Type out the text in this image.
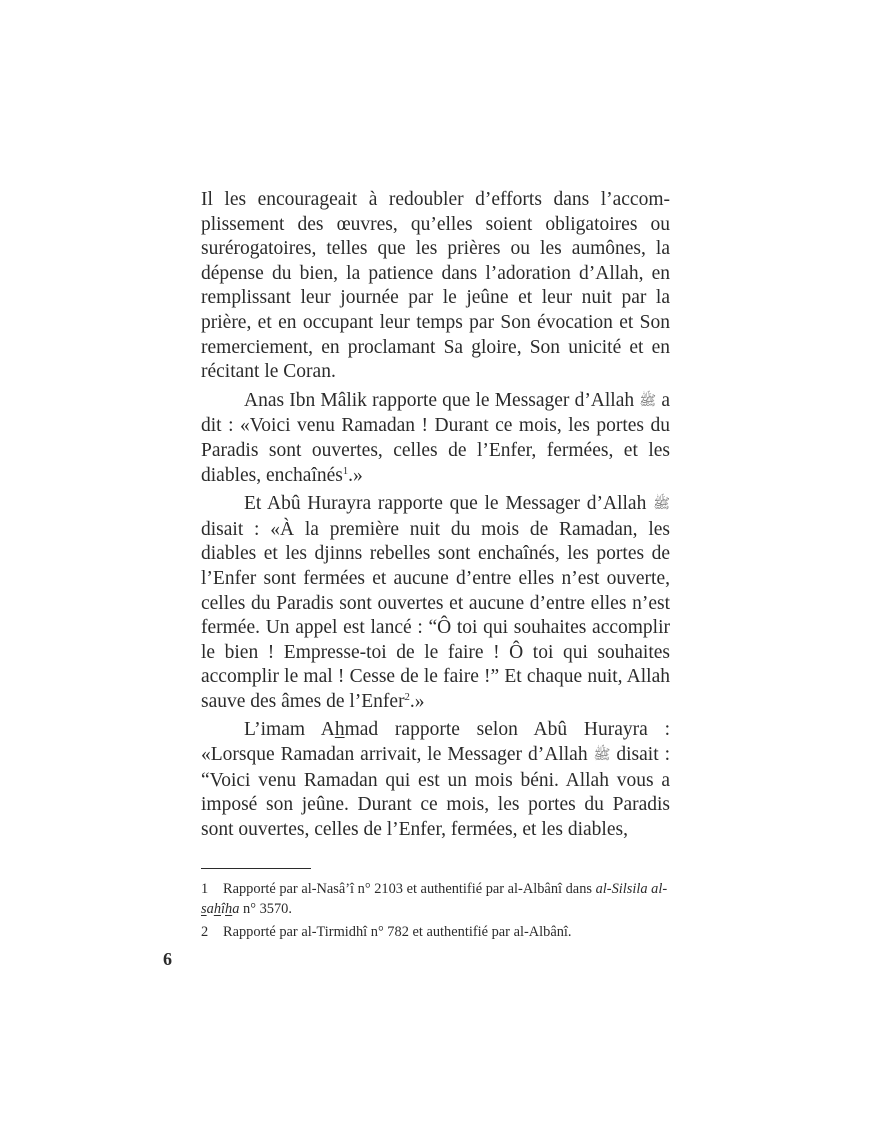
Il les encourageait à redoubler d’efforts dans l’accomplissement des œuvres, qu’elles soient obligatoires ou surérogatoires, telles que les prières ou les aumônes, la dépense du bien, la patience dans l’adoration d’Allah, en remplissant leur journée par le jeûne et leur nuit par la prière, et en occupant leur temps par Son évocation et Son remerciement, en proclamant Sa gloire, Son unicité et en récitant le Coran.

Anas Ibn Mâlik rapporte que le Messager d’Allah ﷺ a dit : «Voici venu Ramadan ! Durant ce mois, les portes du Paradis sont ouvertes, celles de l’Enfer, fermées, et les diables, enchaînés$^1$.»

Et Abû Hurayra rapporte que le Messager d’Allah ﷺ disait : «À la première nuit du mois de Ramadan, les diables et les djinns rebelles sont enchaînés, les portes de l’Enfer sont fermées et aucune d’entre elles n’est ouverte, celles du Paradis sont ouvertes et aucune d’entre elles n’est fermée. Un appel est lancé : “Ô toi qui souhaites accomplir le bien ! Empresse-toi de le faire ! Ô toi qui souhaites accomplir le mal ! Cesse de le faire !” Et chaque nuit, Allah sauve des âmes de l’Enfer$^2$.»

L’imam Ahmad rapporte selon Abû Hurayra : «Lorsque Ramadan arrivait, le Messager d’Allah ﷺ disait : “Voici venu Ramadan qui est un mois béni. Allah vous a imposé son jeûne. Durant ce mois, les portes du Paradis sont ouvertes, celles de l’Enfer, fermées, et les diables,

1 Rapporté par al-Nasâ’î n° 2103 et authentifié par al-Albânî dans al-Silsila al-sahîha n° 3570.

2 Rapporté par al-Tirmidhî n° 782 et authentifié par al-Albânî.

6
